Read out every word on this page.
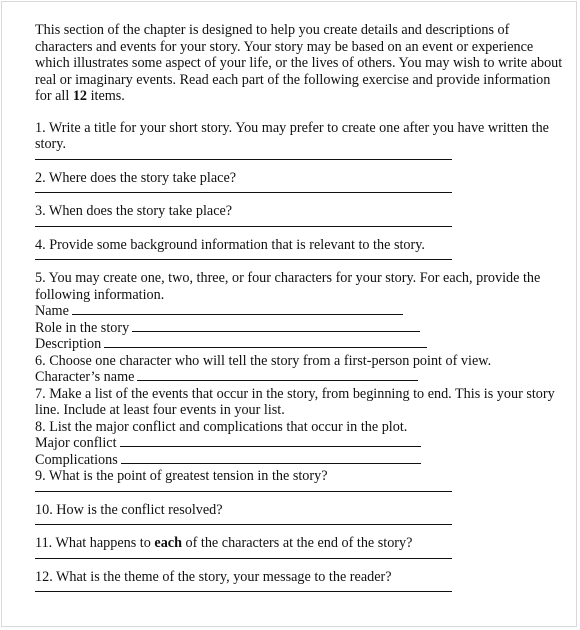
This section of the chapter is designed to help you create details and descriptions of characters and events for your story. Your story may be based on an event or experience which illustrates some aspect of your life, or the lives of others. You may wish to write about real or imaginary events. Read each part of the following exercise and provide information for all 12 items.

1. Write a title for your short story. You may prefer to create one after you have written the story.

2. Where does the story take place?

3. When does the story take place?

4. Provide some background information that is relevant to the story.

5. You may create one, two, three, or four characters for your story. For each, provide the following information.

Name
Role in the story
Description

6. Choose one character who will tell the story from a first-person point of view.

Character’s name

7. Make a list of the events that occur in the story, from beginning to end. This is your story line. Include at least four events in your list.

8. List the major conflict and complications that occur in the plot.

Major conflict
Complications

9. What is the point of greatest tension in the story?

10. How is the conflict resolved?

11. What happens to each of the characters at the end of the story?

12. What is the theme of the story, your message to the reader?
